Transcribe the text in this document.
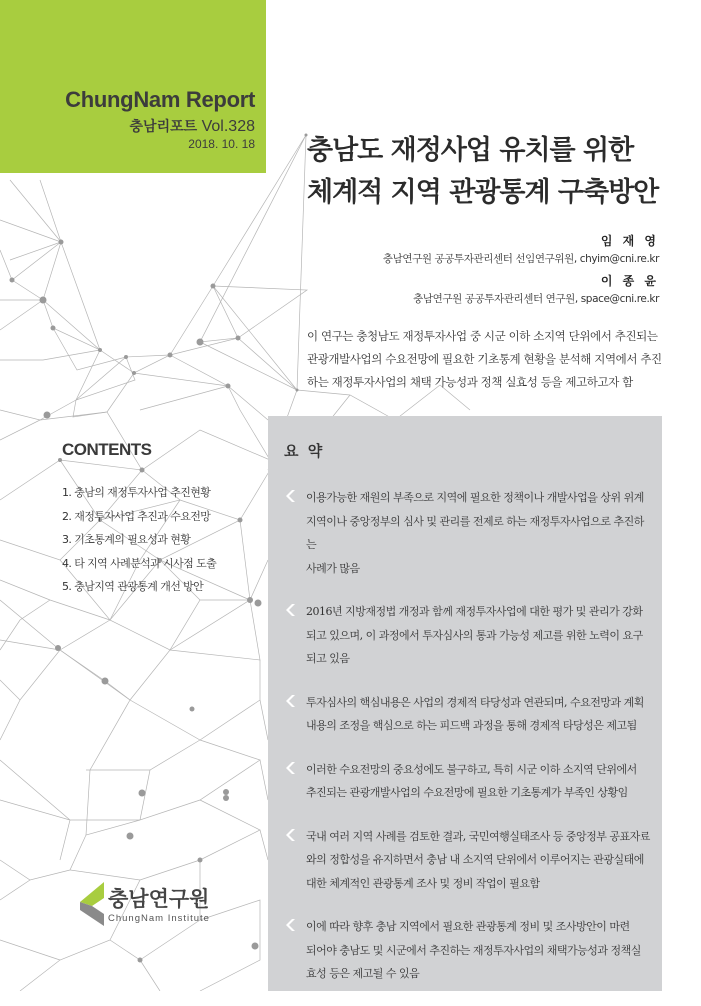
ChungNam Report
충남리포트 Vol.328
2018. 10. 18 충남도 재정사업 유치를 위한
체계적 지역 관광통계 구축방안
임 재 영
충남연구원 공공투자관리센터 선임연구위원, chyim@cni.re.kr
이 종 윤
충남연구원 공공투자관리센터 연구원, space@cni.re.kr
이 연구는 충청남도 재정투자사업 중 시군 이하 소지역 단위에서 추진되는
관광개발사업의 수요전망에 필요한 기초통계 현황을 분석해 지역에서 추진
하는 재정투자사업의 채택 가능성과 정책 실효성 등을 제고하고자 함
CONTENTS
1. 충남의 재정투자사업 추진현황
2. 재정투자사업 추진과 수요전망
3. 기초통계의 필요성과 현황
4. 타 지역 사례분석과 시사점 도출
5. 충남지역 관광통계 개선 방안
요 약
이용가능한 재원의 부족으로 지역에 필요한 정책이나 개발사업을 상위 위계
지역이나 중앙정부의 심사 및 관리를 전제로 하는 재정투자사업으로 추진하는
사례가 많음
2016년 지방재정법 개정과 함께 재정투자사업에 대한 평가 및 관리가 강화
되고 있으며, 이 과정에서 투자심사의 통과 가능성 제고를 위한 노력이 요구
되고 있음
투자심사의 핵심내용은 사업의 경제적 타당성과 연관되며, 수요전망과 계획
내용의 조정을 핵심으로 하는 피드백 과정을 통해 경제적 타당성은 제고됨
이러한 수요전망의 중요성에도 불구하고, 특히 시군 이하 소지역 단위에서
추진되는 관광개발사업의 수요전망에 필요한 기초통계가 부족인 상황임
국내 여러 지역 사례를 검토한 결과, 국민여행실태조사 등 중앙정부 공표자료
와의 정합성을 유지하면서 충남 내 소지역 단위에서 이루어지는 관광실태에
대한 체계적인 관광통계 조사 및 정비 작업이 필요함
이에 따라 향후 충남 지역에서 필요한 관광통계 정비 및 조사방안이 마련
되어야 충남도 및 시군에서 추진하는 재정투자사업의 채택가능성과 정책실
효성 등은 제고될 수 있음
충남연구원
ChungNam Institute
